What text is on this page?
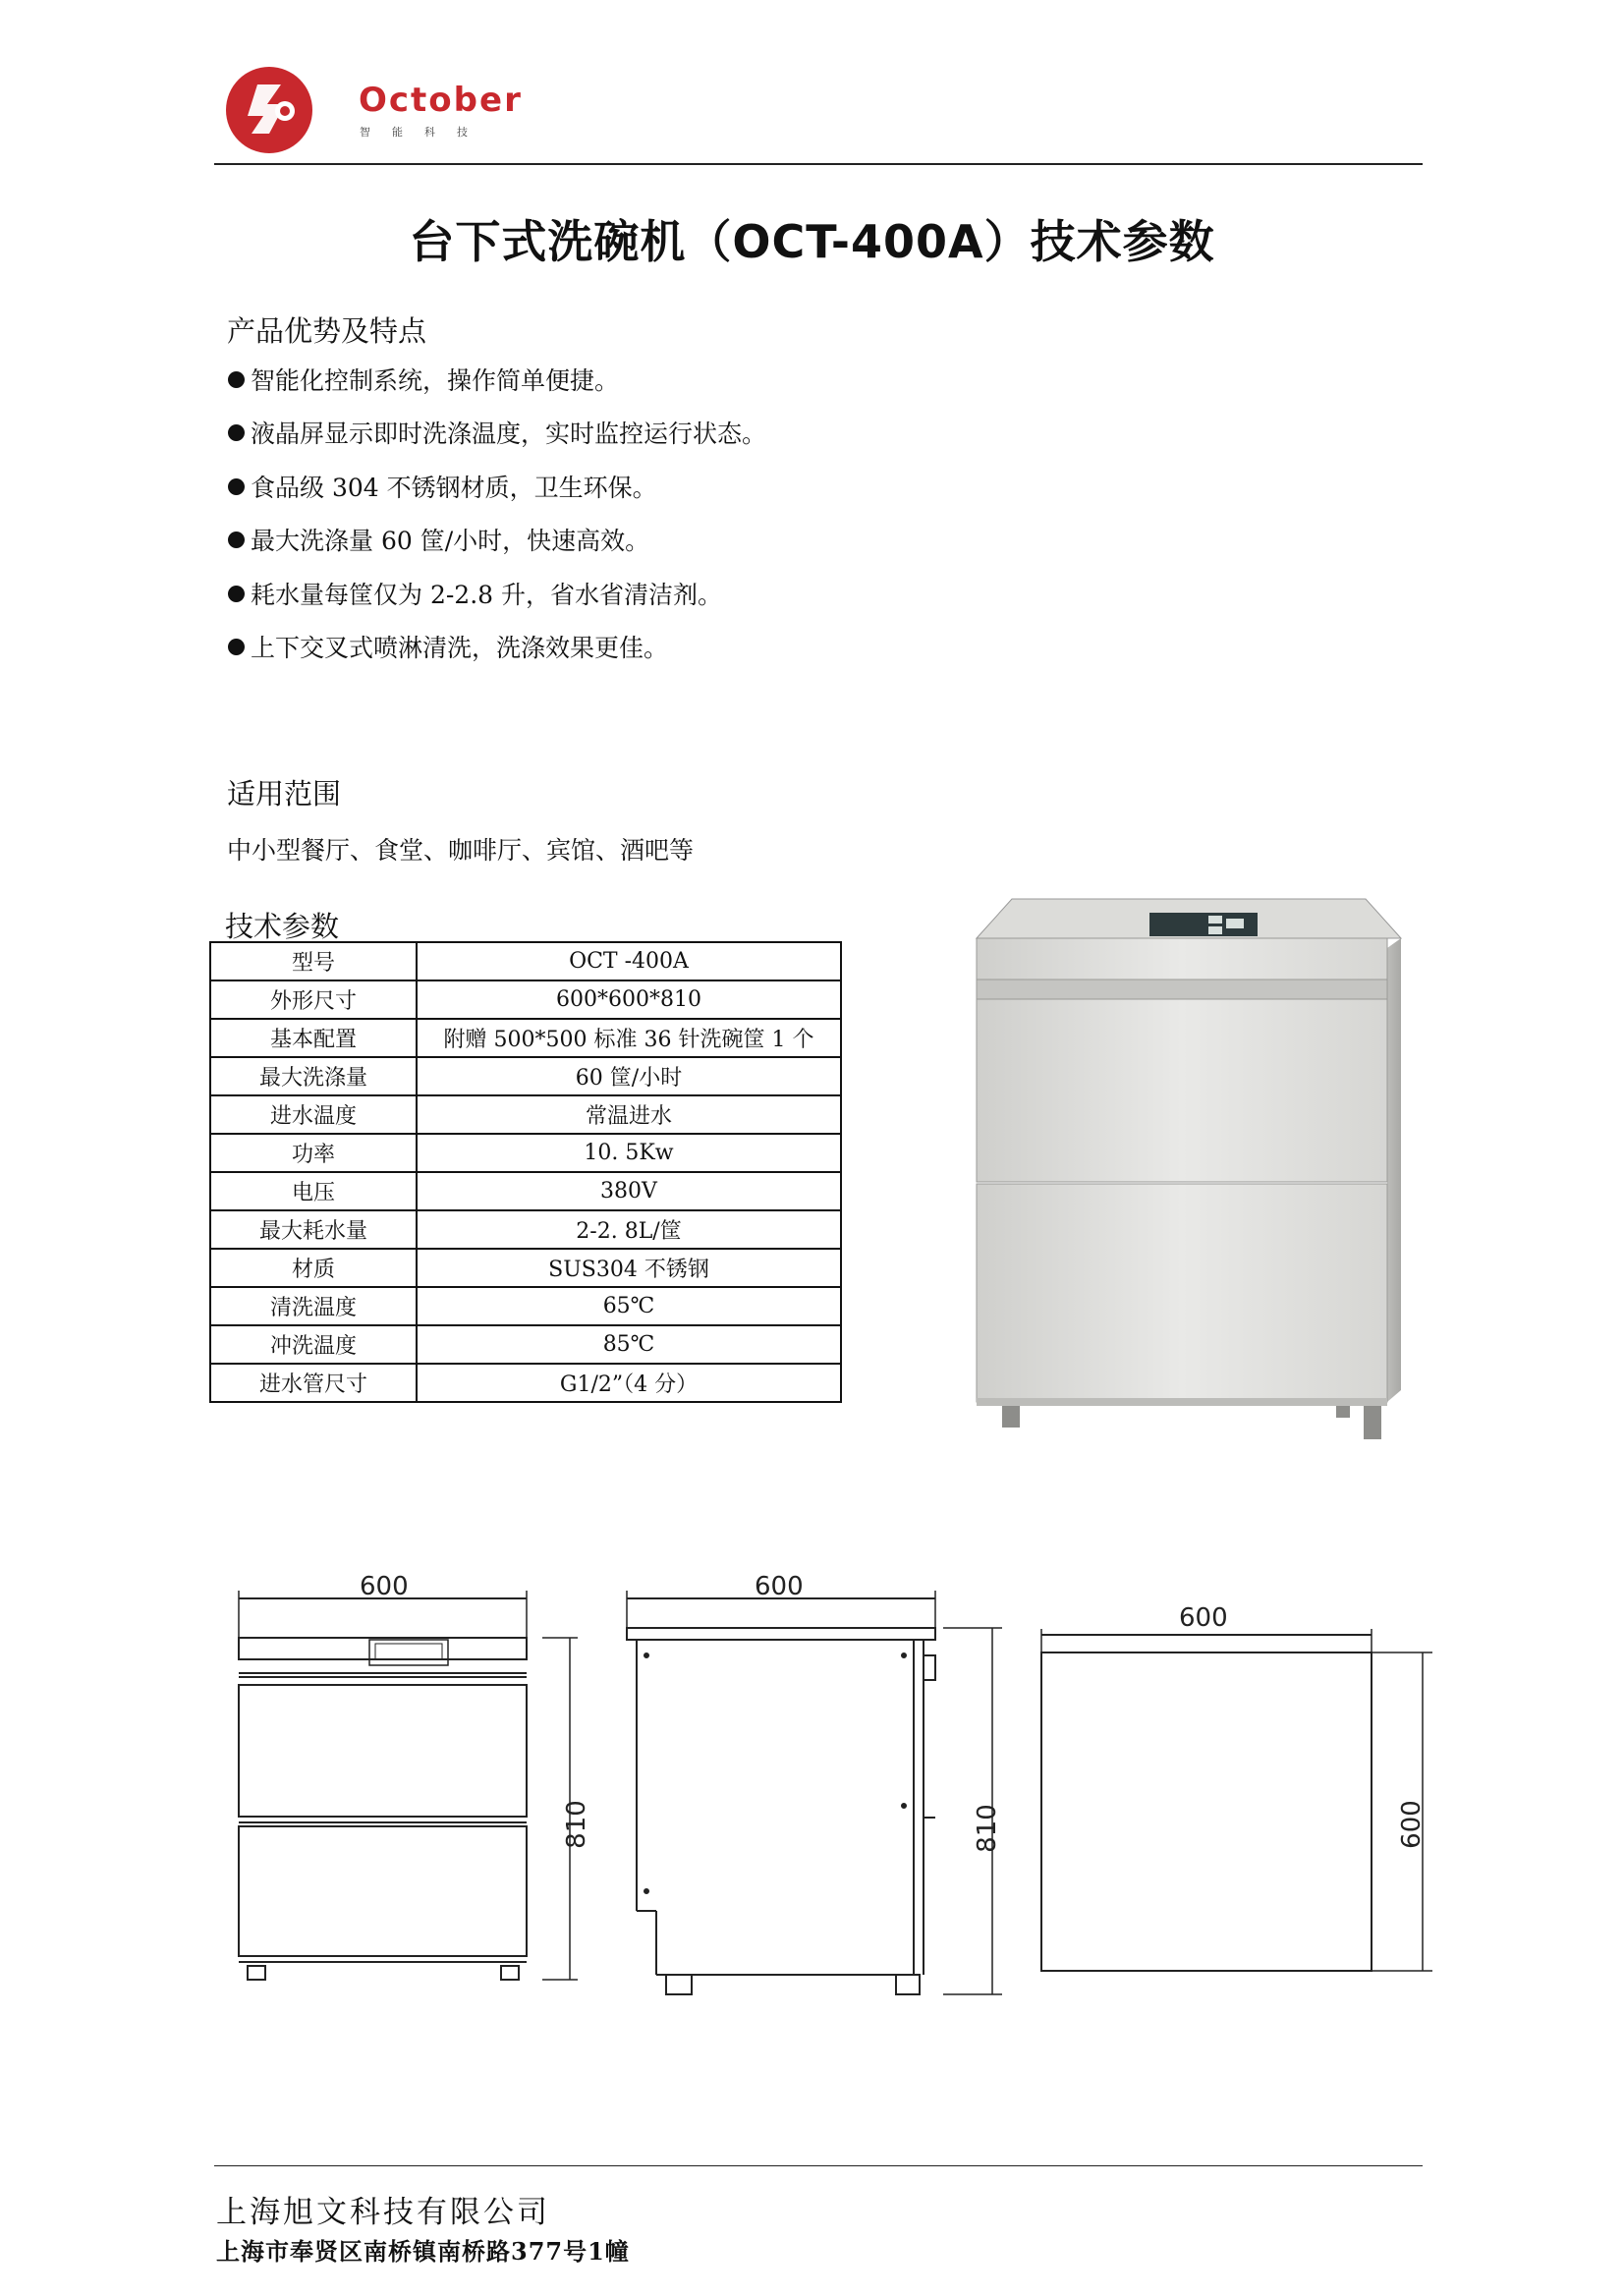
October
智能科技
台下式洗碗机（OCT-400A）技术参数
产品优势及特点
智能化控制系统，操作简单便捷。
液晶屏显示即时洗涤温度，实时监控运行状态。
食品级 304 不锈钢材质，卫生环保。
最大洗涤量 60 筐/小时，快速高效。
耗水量每筐仅为 2-2.8 升，省水省清洁剂。
上下交叉式喷淋清洗，洗涤效果更佳。
适用范围
中小型餐厅、食堂、咖啡厅、宾馆、酒吧等
技术参数
型号	OCT -400A
外形尺寸	600*600*810
基本配置	附赠 500*500 标准 36 针洗碗筐 1 个
最大洗涤量	60 筐/小时
进水温度	常温进水
功率	10. 5Kw
电压	380V
最大耗水量	2-2. 8L/筐
材质	SUS304 不锈钢
清洗温度	65℃
冲洗温度	85℃
进水管尺寸	G1/2”（4 分）
600
810
600
810
600
600
上海旭文科技有限公司
上海市奉贤区南桥镇南桥路377号1幢
